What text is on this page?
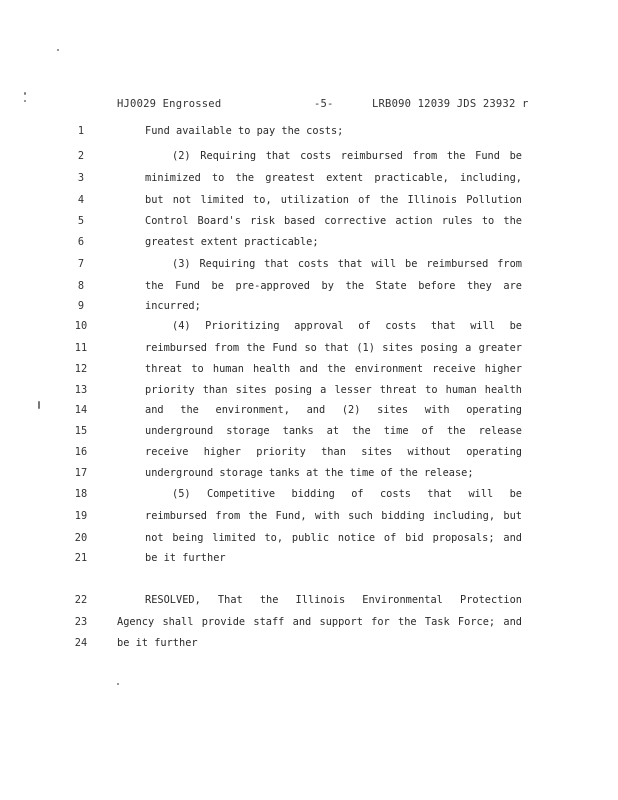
HJ0029 Engrossed	-5-	LRB090 12039 JDS 23932 r
1	Fund available to pay the costs;
2	(2) Requiring that costs reimbursed from the Fund be
3	minimized to the greatest extent practicable, including,
4	but not limited to, utilization of the Illinois Pollution
5	Control Board's risk based corrective action rules to the
6	greatest extent practicable;
7	(3) Requiring that costs that will be reimbursed from
8	the Fund be pre-approved by the State before they are
9	incurred;
10	(4) Prioritizing approval of costs that will be
11	reimbursed from the Fund so that (1) sites posing a greater
12	threat to human health and the environment receive higher
13	priority than sites posing a lesser threat to human health
14	and the environment, and (2) sites with operating
15	underground storage tanks at the time of the release
16	receive higher priority than sites without operating
17	underground storage tanks at the time of the release;
18	(5) Competitive bidding of costs that will be
19	reimbursed from the Fund, with such bidding including, but
20	not being limited to, public notice of bid proposals; and
21	be it further
22	RESOLVED, That the Illinois Environmental Protection
23	Agency shall provide staff and support for the Task Force; and
24	be it further
